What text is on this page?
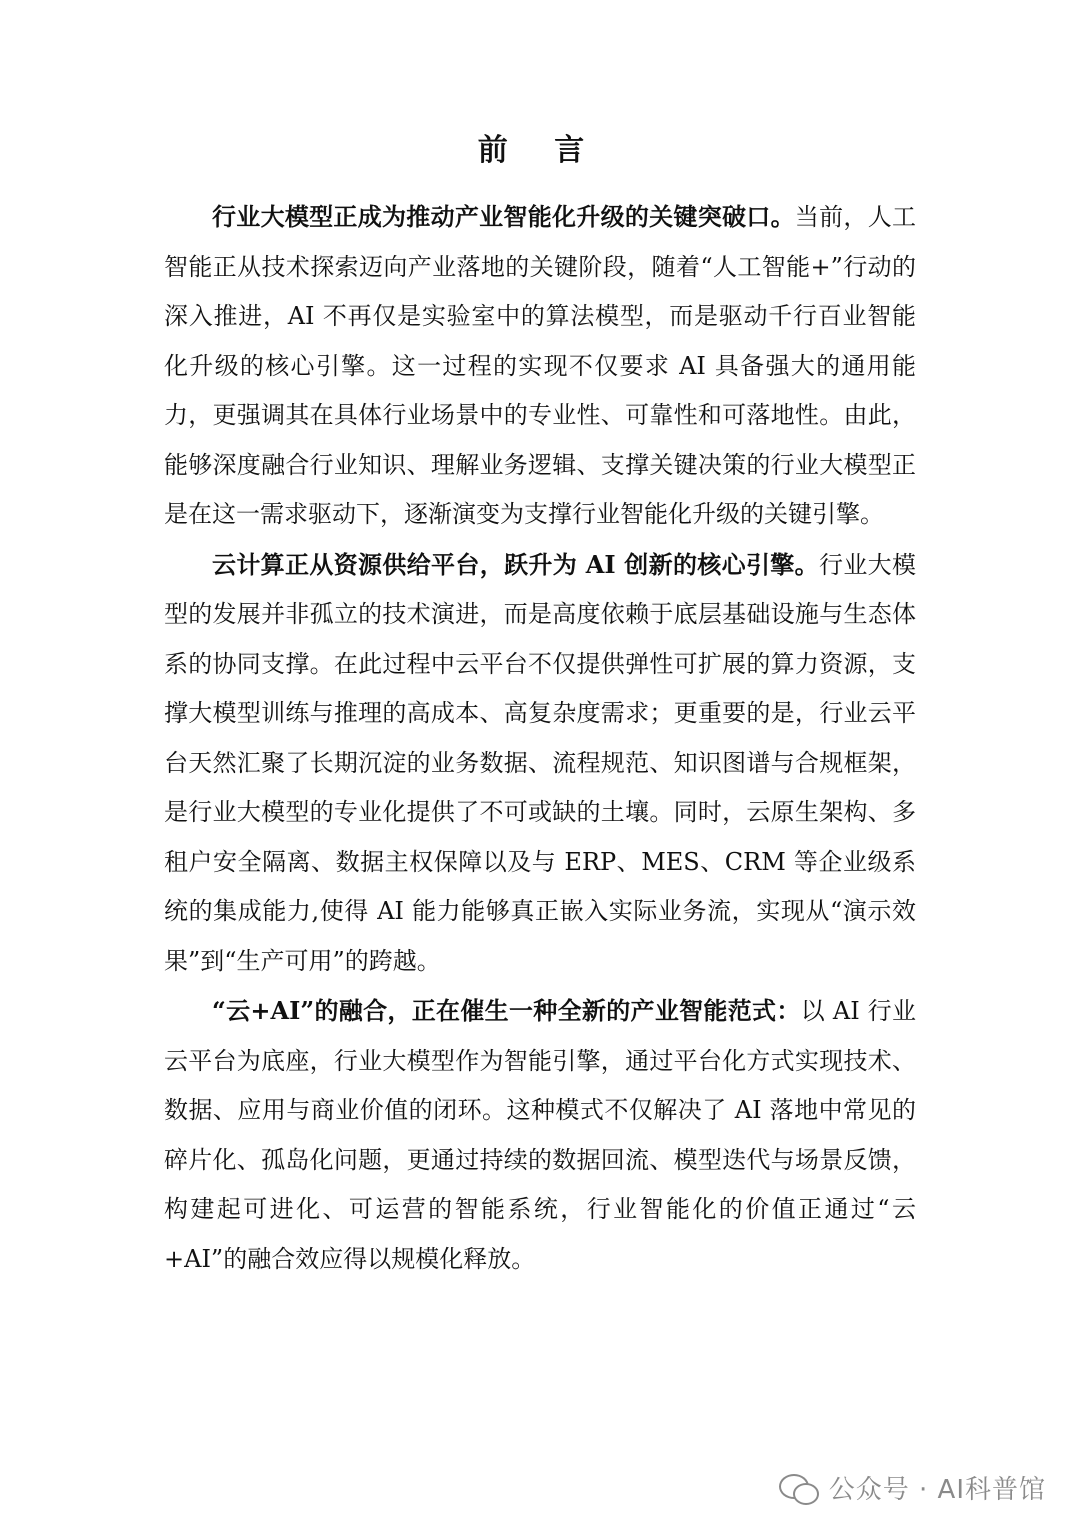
前 言

行业大模型正成为推动产业智能化升级的关键突破口。当前，人工智能正从技术探索迈向产业落地的关键阶段，随着“人工智能+”行动的深入推进，AI 不再仅是实验室中的算法模型，而是驱动千行百业智能化升级的核心引擎。这一过程的实现不仅要求 AI 具备强大的通用能力，更强调其在具体行业场景中的专业性、可靠性和可落地性。由此，能够深度融合行业知识、理解业务逻辑、支撑关键决策的行业大模型正是在这一需求驱动下，逐渐演变为支撑行业智能化升级的关键引擎。

云计算正从资源供给平台，跃升为 AI 创新的核心引擎。行业大模型的发展并非孤立的技术演进，而是高度依赖于底层基础设施与生态体系的协同支撑。在此过程中云平台不仅提供弹性可扩展的算力资源，支撑大模型训练与推理的高成本、高复杂度需求；更重要的是，行业云平台天然汇聚了长期沉淀的业务数据、流程规范、知识图谱与合规框架，是行业大模型的专业化提供了不可或缺的土壤。同时，云原生架构、多租户安全隔离、数据主权保障以及与 ERP、MES、CRM 等企业级系统的集成能力,使得 AI 能力能够真正嵌入实际业务流，实现从“演示效果”到“生产可用”的跨越。

“云+AI”的融合，正在催生一种全新的产业智能范式：以 AI 行业云平台为底座，行业大模型作为智能引擎，通过平台化方式实现技术、数据、应用与商业价值的闭环。这种模式不仅解决了 AI 落地中常见的碎片化、孤岛化问题，更通过持续的数据回流、模型迭代与场景反馈，构建起可进化、可运营的智能系统，行业智能化的价值正通过“云+AI”的融合效应得以规模化释放。

公众号 · AI科普馆
